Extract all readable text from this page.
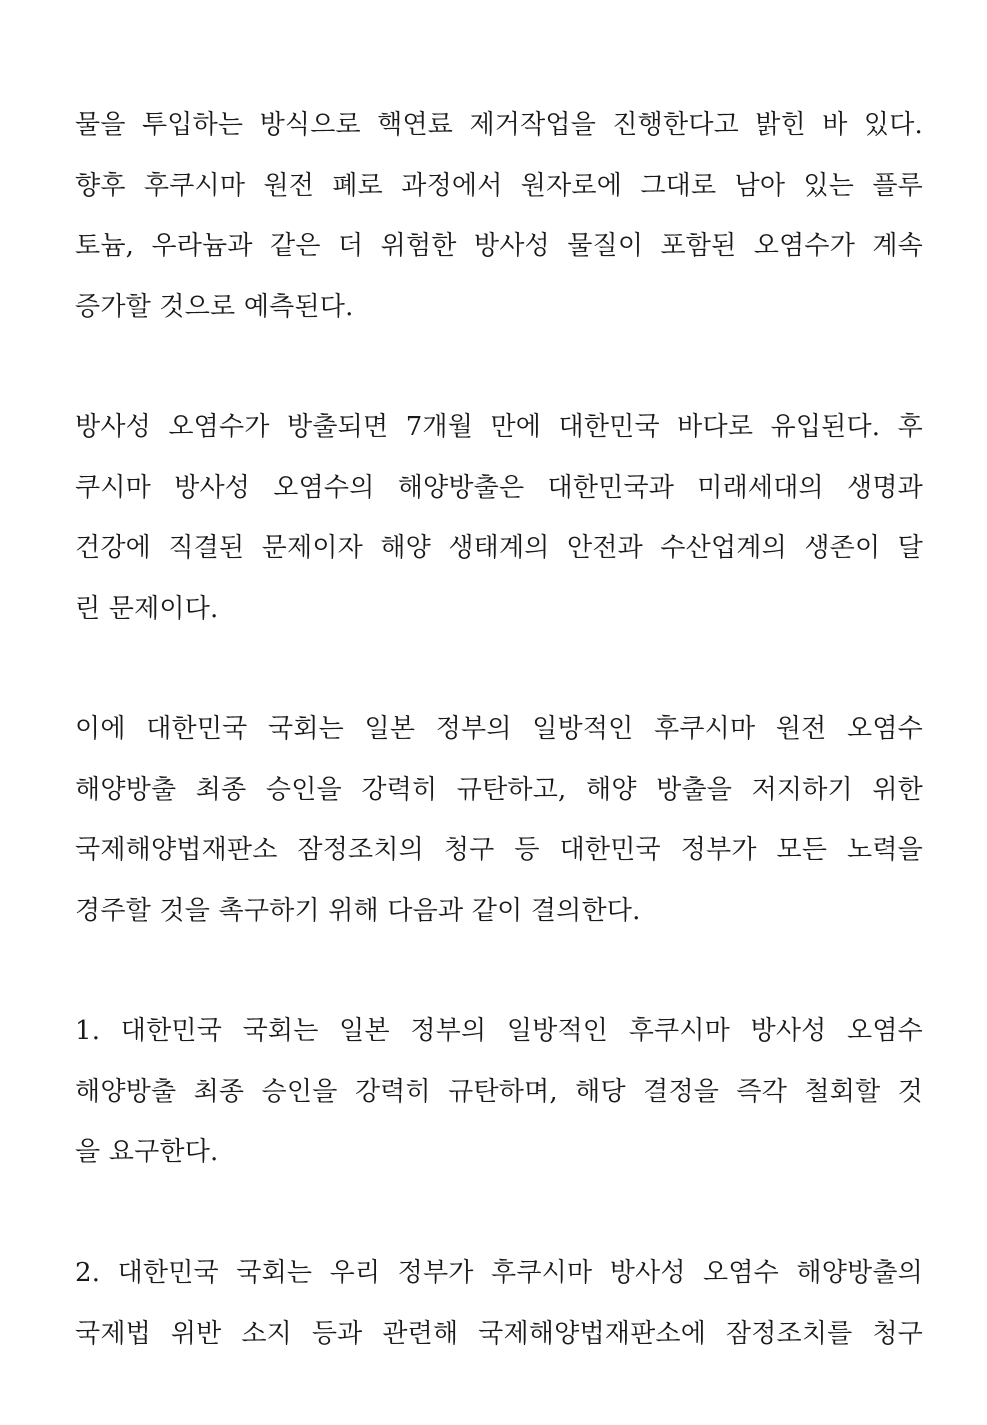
물을 투입하는 방식으로 핵연료 제거작업을 진행한다고 밝힌 바 있다.
향후 후쿠시마 원전 폐로 과정에서 원자로에 그대로 남아 있는 플루
토늄, 우라늄과 같은 더 위험한 방사성 물질이 포함된 오염수가 계속
증가할 것으로 예측된다.
방사성 오염수가 방출되면 7개월 만에 대한민국 바다로 유입된다. 후
쿠시마 방사성 오염수의 해양방출은 대한민국과 미래세대의 생명과
건강에 직결된 문제이자 해양 생태계의 안전과 수산업계의 생존이 달
린 문제이다.
이에 대한민국 국회는 일본 정부의 일방적인 후쿠시마 원전 오염수
해양방출 최종 승인을 강력히 규탄하고, 해양 방출을 저지하기 위한
국제해양법재판소 잠정조치의 청구 등 대한민국 정부가 모든 노력을
경주할 것을 촉구하기 위해 다음과 같이 결의한다.
1. 대한민국 국회는 일본 정부의 일방적인 후쿠시마 방사성 오염수
해양방출 최종 승인을 강력히 규탄하며, 해당 결정을 즉각 철회할 것
을 요구한다.
2. 대한민국 국회는 우리 정부가 후쿠시마 방사성 오염수 해양방출의
국제법 위반 소지 등과 관련해 국제해양법재판소에 잠정조치를 청구
